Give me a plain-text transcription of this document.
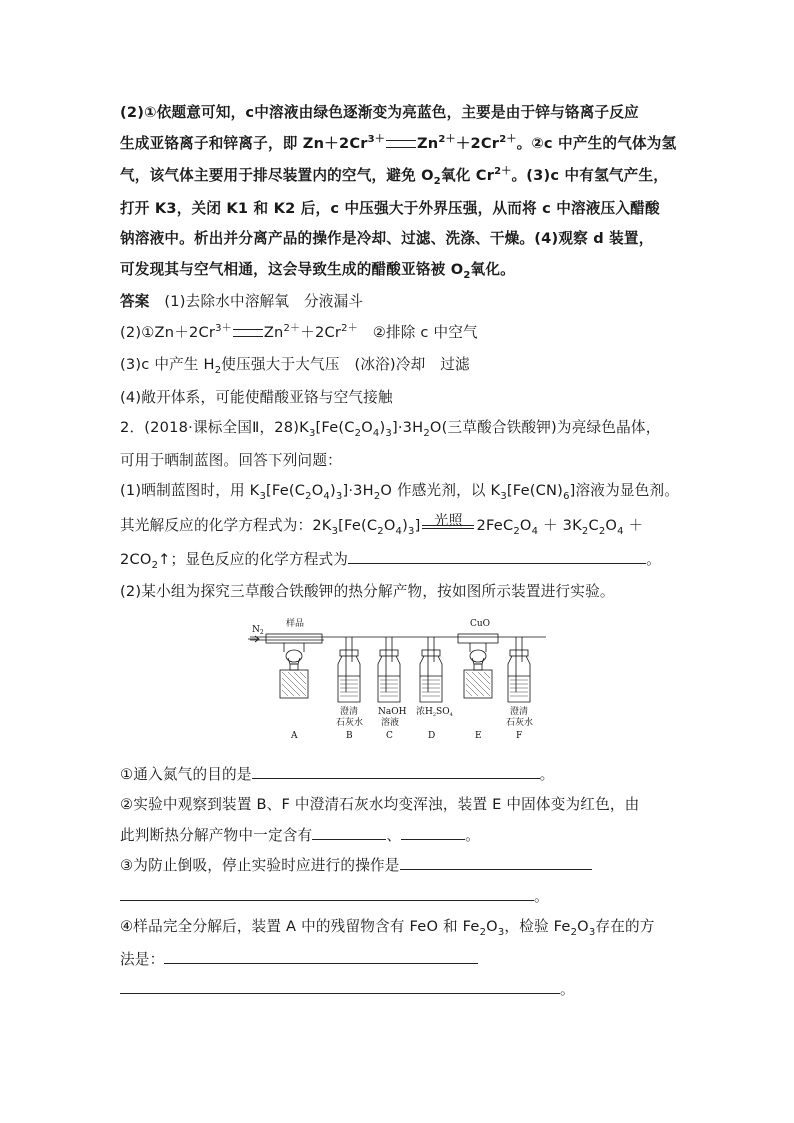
(2)①依题意可知，c中溶液由绿色逐渐变为亮蓝色，主要是由于锌与铬离子反应
生成亚铬离子和锌离子，即 $Zn+2Cr^{3+}$ $Zn^{2+}+2Cr^{2+}$。②c 中产生的气体为氢
气，该气体主要用于排尽装置内的空气，避免 $O_2$氧化 $Cr^{2+}$。(3)c 中有氢气产生，
打开 K3，关闭 K1 和 K2 后，c 中压强大于外界压强，从而将 c 中溶液压入醋酸
钠溶液中。析出并分离产品的操作是冷却、过滤、洗涤、干燥。(4)观察 d 装置，
可发现其与空气相通，这会导致生成的醋酸亚铬被 $O_2$氧化。
答案　 (1)去除水中溶解氧　分液漏斗
$(2)①Zn+2Cr^{3+}$ $Zn^{2+}+2Cr^{2+}$　②排除 c 中空气
(3)c 中产生 $H_2$使压强大于大气压　(冰浴)冷却　过滤
(4)敞开体系，可能使醋酸亚铬与空气接触
2．(2018·课标全国Ⅱ，$28)K_3[Fe(C_2O_4)_3]\cdot 3H_2O$(三草酸合铁酸钾)为亮绿色晶体，
可用于晒制蓝图。回答下列问题：
(1)晒制蓝图时，用 $K_3[Fe(C_2O_4)_3]\cdot 3H_2O$ 作感光剂，以 $K_3[Fe(CN)_6]$溶液为显色剂。
其光解反应的化学方程式为：$2K_3[Fe(C_2O_4)_3]$ 光照 $2FeC_2O_4 + 3K_2C_2O_4$ ＋
$2CO_2↑$；显色反应的化学方程式为	。
(2)某小组为探究三草酸合铁酸钾的热分解产物，按如图所示装置进行实验。
①通入氮气的目的是	。
②实验中观察到装置 B、F 中澄清石灰水均变浑浊，装置 E 中固体变为红色，由
此判断热分解产物中一定含有	、	。
③为防止倒吸，停止实验时应进行的操作是
。
④样品完全分解后，装置 A 中的残留物含有 FeO 和 $Fe_2O_3$，检验 $Fe_2O_3$存在的方
法是：
。
$N_2$
样品	CuO
澄清
石灰水
NaOH
溶液
浓$H_2SO_4$	澄清
石灰水
A	B	C	D	E	F
